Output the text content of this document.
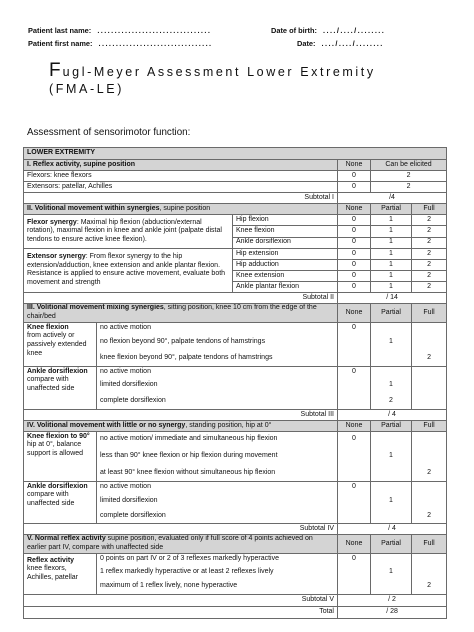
Patient last name: .................................
Patient first name: .................................
Date of birth: ..../..../........
Date: ..../..../........
Fugl-Meyer Assessment Lower Extremity
(FMA-LE)
Assessment of sensorimotor function:
LOWER EXTREMITY					
I. Reflex activity, supine position			None	Can be elicited	
Flexors: knee flexors			0	2	
Extensors: patellar, Achilles			0	2	
Subtotal I			/4		
II. Volitional movement within synergies, supine position			None	Partial	Full
Flexor synergy: Maximal hip flexion (abduction/external rotation), maximal flexion in knee and ankle joint (palpate distal tendons to ensure active knee flexion).		Hip flexion	0	1	2
		Knee flexion	0	1	2
		Ankle dorsiflexion	0	1	2
Extensor synergy: From flexor synergy to the hip extension/adduction, knee extension and ankle plantar flexion. Resistance is applied to ensure active movement, evaluate both movement and strength		Hip extension	0	1	2
		Hip adduction	0	1	2
		Knee extension	0	1	2
		Ankle plantar flexion	0	1	2
Subtotal II			/ 14		
III. Volitional movement mixing synergies, sitting position, knee 10 cm from the edge of the chair/bed			None	Partial	Full

Knee flexion
from actively or passively extended knee	no active motion		0		
	no flexion beyond 90°, palpate tendons of hamstrings			1	
	knee flexion beyond 90°, palpate tendons of hamstrings				2

Ankle dorsiflexion
compare with unaffected side	no active motion		0		
	limited dorsiflexion			1	
	complete dorsiflexion			2	
Subtotal III			/ 4		
IV. Volitional movement with little or no synergy, standing position, hip at 0°			None	Partial	Full

Knee flexion to 90°
hip at 0°, balance support is allowed	no active motion/ immediate and simultaneous hip flexion		0		
	less than 90° knee flexion or hip flexion during movement			1	
	at least 90° knee flexion without simultaneous hip flexion				2

Ankle dorsiflexion
compare with unaffected side	no active motion		0		
	limited dorsiflexion			1	
	complete dorsiflexion				2
Subtotal IV			/ 4		
V. Normal reflex activity supine position, evaluated only if full score of 4 points achieved on earlier part IV, compare with unaffected side			None	Partial	Full

Reflex activity
knee flexors, Achilles, patellar	0 points on part IV or 2 of 3 reflexes markedly hyperactive		0		
	1 reflex markedly hyperactive or at least 2 reflexes lively			1	
	maximum of 1 reflex lively, none hyperactive				2
Subtotal V			/ 2		
Total			/ 28		
